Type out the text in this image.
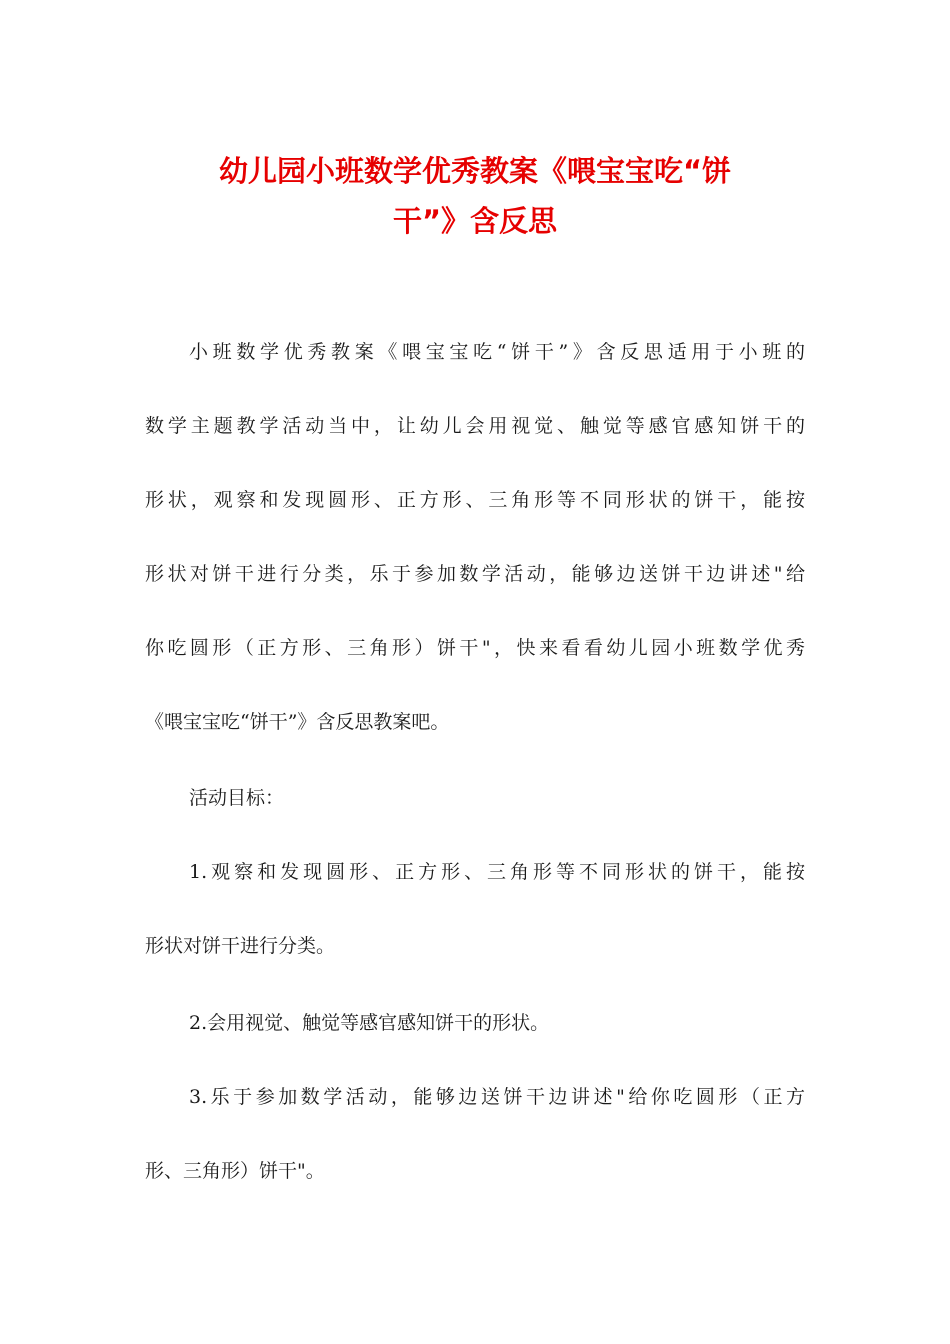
幼儿园小班数学优秀教案《喂宝宝吃“饼
干”》含反思
小班数学优秀教案《喂宝宝吃“饼干”》含反思适用于小班的
数学主题教学活动当中，让幼儿会用视觉、触觉等感官感知饼干的
形状，观察和发现圆形、正方形、三角形等不同形状的饼干，能按
形状对饼干进行分类，乐于参加数学活动，能够边送饼干边讲述"给
你吃圆形（正方形、三角形）饼干"，快来看看幼儿园小班数学优秀
《喂宝宝吃“饼干”》含反思教案吧。
活动目标：
1.观察和发现圆形、正方形、三角形等不同形状的饼干，能按
形状对饼干进行分类。
2.会用视觉、触觉等感官感知饼干的形状。
3.乐于参加数学活动，能够边送饼干边讲述"给你吃圆形（正方
形、三角形）饼干"。
